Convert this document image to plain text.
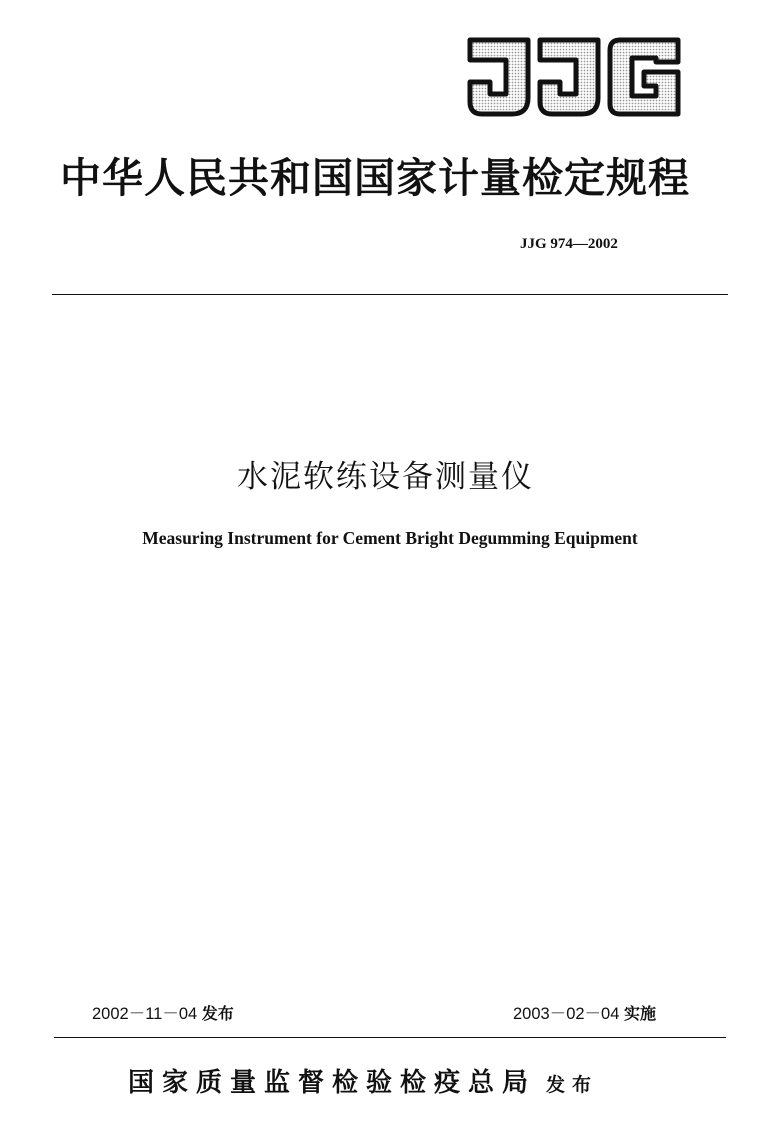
中华人民共和国国家计量检定规程
JJG 974—2002
水泥软练设备测量仪
Measuring Instrument for Cement Bright Degumming Equipment
2002－11－04 发布	2003－02－04 实施
国家质量监督检验检疫总局 发布
